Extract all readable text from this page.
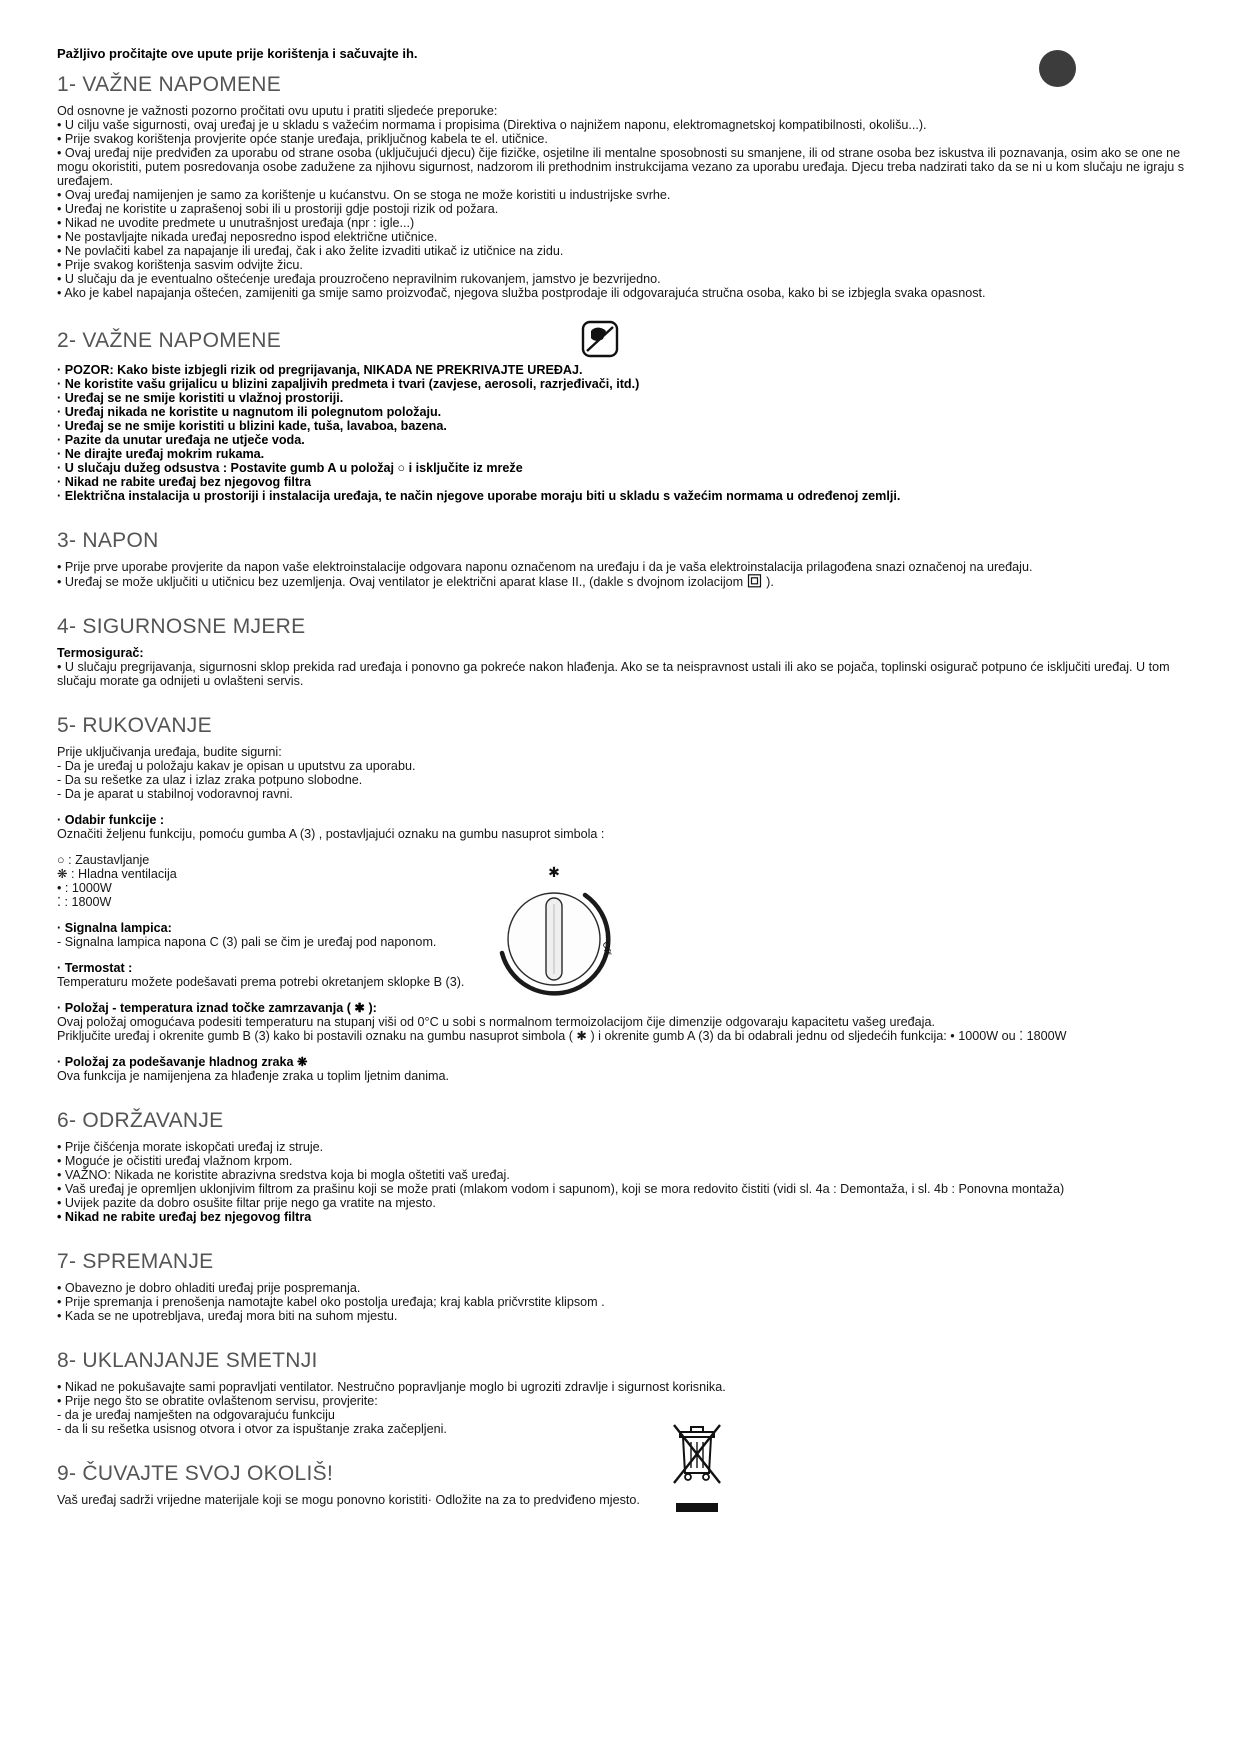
Pažljivo pročitajte ove upute prije korištenja i sačuvajte ih.
1- VAŽNE NAPOMENE
Od osnovne je važnosti pozorno pročitati ovu uputu i pratiti sljedeće preporuke:
• U cilju vaše sigurnosti, ovaj uređaj je u skladu s važećim normama i propisima (Direktiva o najnižem naponu, elektromagnetskoj kompatibilnosti, okolišu...).
• Prije svakog korištenja provjerite opće stanje uređaja, priključnog kabela te el. utičnice.
• Ovaj uređaj nije predviđen za uporabu od strane osoba (uključujući djecu) čije fizičke, osjetilne ili mentalne sposobnosti su smanjene, ili od strane osoba bez iskustva ili poznavanja, osim ako se one ne mogu okoristiti, putem posredovanja osobe zadužene za njihovu sigurnost, nadzorom ili prethodnim instrukcijama vezano za uporabu uređaja. Djecu treba nadzirati tako da se ni u kom slučaju ne igraju s uređajem.
• Ovaj uređaj namijenjen je samo za korištenje u kućanstvu. On se stoga ne može koristiti u industrijske svrhe.
• Uređaj ne koristite u zaprašenoj sobi ili u prostoriji gdje postoji rizik od požara.
• Nikad ne uvodite predmete u unutrašnjost uređaja (npr : igle...)
• Ne postavljajte nikada uređaj neposredno ispod električne utičnice.
• Ne povlačiti kabel za napajanje ili uređaj, čak i ako želite izvaditi utikač iz utičnice na zidu.
• Prije svakog korištenja sasvim odvijte žicu.
• U slučaju da je eventualno oštećenje uređaja prouzročeno nepravilnim rukovanjem, jamstvo je bezvrijedno.
• Ako je kabel napajanja oštećen, zamijeniti ga smije samo proizvođač, njegova služba postprodaje ili odgovarajuća stručna osoba, kako bi se izbjegla svaka opasnost.
2- VAŽNE NAPOMENE
· POZOR: Kako biste izbjegli rizik od pregrijavanja, NIKADA NE PREKRIVAJTE UREĐAJ.
· Ne koristite vašu grijalicu u blizini zapaljivih predmeta i tvari (zavjese, aerosoli, razrjeđivači, itd.)
· Uređaj se ne smije koristiti u vlažnoj prostoriji.
· Uređaj nikada ne koristite u nagnutom ili polegnutom položaju.
· Uređaj se ne smije koristiti u blizini kade, tuša, lavaboa, bazena.
· Pazite da unutar uređaja ne utječe voda.
· Ne dirajte uređaj mokrim rukama.
· U slučaju dužeg odsustva : Postavite gumb A u položaj ○ i isključite iz mreže
· Nikad ne rabite uređaj bez njegovog filtra
· Električna instalacija u prostoriji i instalacija uređaja, te način njegove uporabe moraju biti u skladu s važećim normama u određenoj zemlji.
3- NAPON
• Prije prve uporabe provjerite da napon vaše elektroinstalacije odgovara naponu označenom na uređaju i da je vaša elektroinstalacija prilagođena snazi označenoj na uređaju.
• Uređaj se može uključiti u utičnicu bez uzemljenja. Ovaj ventilator je električni aparat klase II., (dakle s dvojnom izolacijom  ).
4- SIGURNOSNE MJERE
Termosigurač:
• U slučaju pregrijavanja, sigurnosni sklop prekida rad uređaja i ponovno ga pokreće nakon hlađenja. Ako se ta neispravnost ustali ili ako se pojača, toplinski osigurač potpuno će isključiti uređaj. U tom slučaju morate ga odnijeti u ovlašteni servis.
5- RUKOVANJE
Prije uključivanja uređaja, budite sigurni:
- Da je uređaj u položaju kakav je opisan u uputstvu za uporabu.
- Da su rešetke za ulaz i izlaz zraka potpuno slobodne.
- Da je aparat u stabilnoj vodoravnoj ravni.
· Odabir funkcije :
Označiti željenu funkciju, pomoću gumba A (3) , postavljajući oznaku na gumbu nasuprot simbola :
○ : Zaustavljanje
❋ : Hladna ventilacija
• : 1000W
⁚ : 1800W
· Signalna lampica:
- Signalna lampica napona C (3) pali se čim je uređaj pod naponom.
· Termostat :
Temperaturu možete podešavati prema potrebi okretanjem sklopke B (3).
· Položaj - temperatura iznad točke zamrzavanja ( ✱ ):
Ovaj položaj omogućava podesiti temperaturu na stupanj viši od 0°C u sobi s normalnom termoizolacijom čije dimenzije odgovaraju kapacitetu vašeg uređaja.
Priključite uređaj i okrenite gumb B (3) kako bi postavili oznaku na gumbu nasuprot simbola ( ✱ ) i okrenite gumb A (3) da bi odabrali jednu od sljedećih funkcija: • 1000W ou ⁚ 1800W
· Položaj za podešavanje hladnog zraka ❋
Ova funkcija je namijenjena za hlađenje zraka u toplim ljetnim danima.
✱
Off
6- ODRŽAVANJE
• Prije čišćenja morate iskopčati uređaj iz struje.
• Moguće je očistiti uređaj vlažnom krpom.
• VAŽNO: Nikada ne koristite abrazivna sredstva koja bi mogla oštetiti vaš uređaj.
• Vaš uređaj je opremljen uklonjivim filtrom za prašinu koji se može prati (mlakom vodom i sapunom), koji se mora redovito čistiti (vidi sl. 4a : Demontaža, i sl. 4b : Ponovna montaža)
• Uvijek pazite da dobro osušite filtar prije nego ga vratite na mjesto.
• Nikad ne rabite uređaj bez njegovog filtra
7- SPREMANJE
• Obavezno je dobro ohladiti uređaj prije pospremanja.
• Prije spremanja i prenošenja namotajte kabel oko postolja uređaja; kraj kabla pričvrstite klipsom .
• Kada se ne upotrebljava, uređaj mora biti na suhom mjestu.
8- UKLANJANJE SMETNJI
• Nikad ne pokušavajte sami popravljati ventilator. Nestručno popravljanje moglo bi ugroziti zdravlje i sigurnost korisnika.
• Prije nego što se obratite ovlaštenom servisu, provjerite:
- da je uređaj namješten na odgovarajuću funkciju
- da li su rešetka usisnog otvora i otvor za ispuštanje zraka začepljeni.
9- ČUVAJTE SVOJ OKOLIŠ!
Vaš uređaj sadrži vrijedne materijale koji se mogu ponovno koristiti· Odložite na za to predviđeno mjesto.
